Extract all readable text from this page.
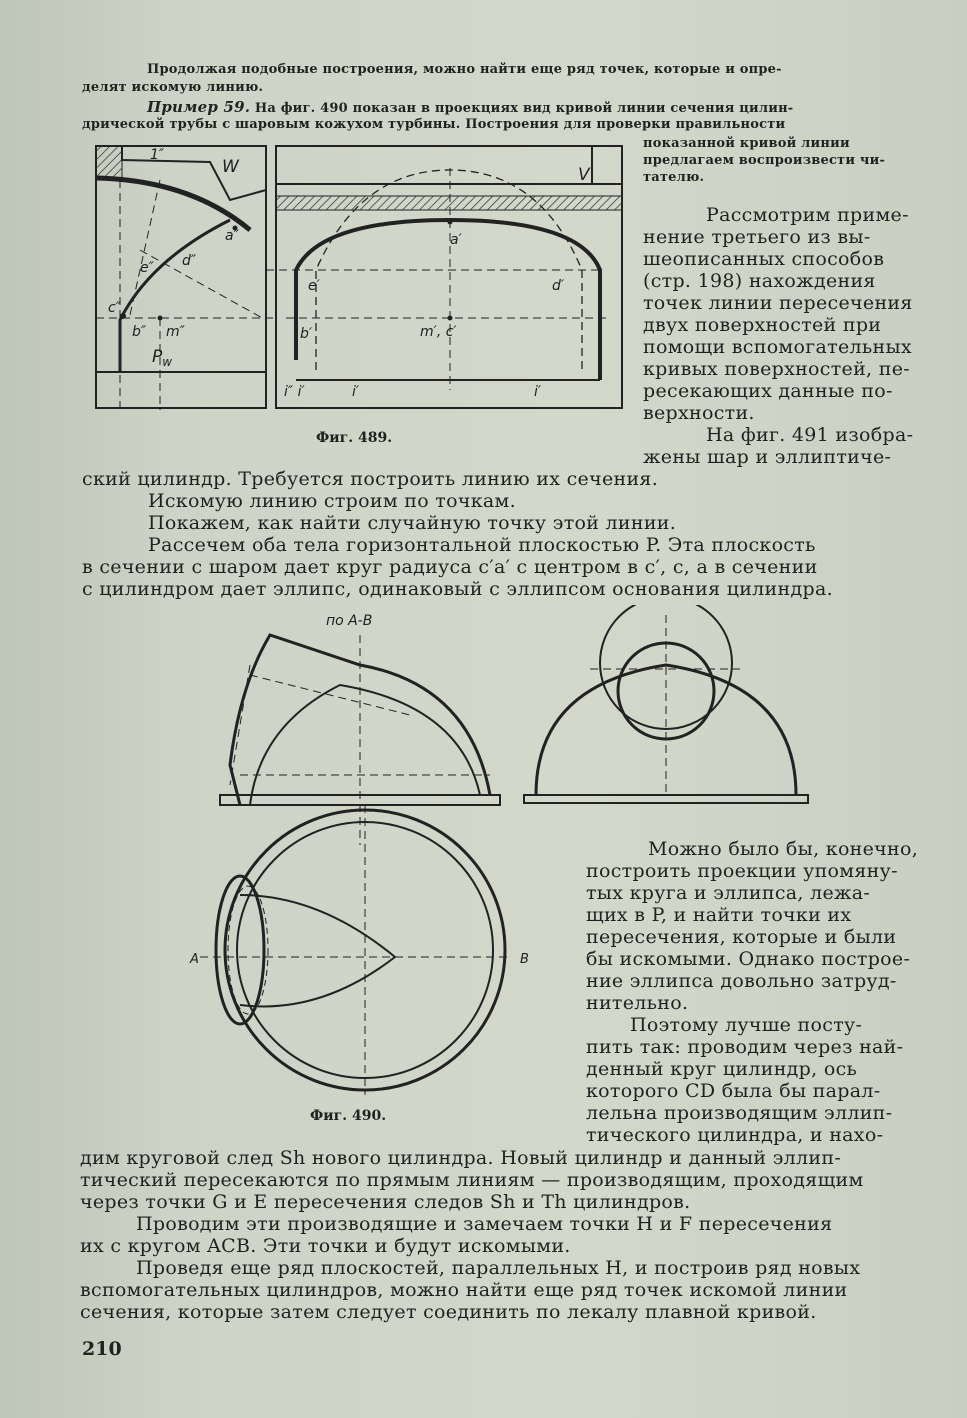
Продолжая подобные построения, можно найти еще ряд точек, которые и опре-
делят искомую линию.
Пример 59. На фиг. 490 показан в проекциях вид кривой линии сечения цилин-
дрической трубы с шаровым кожухом турбины. Построения для проверки правильности
показанной кривой линии
предлагаем воспроизвести чи-
тателю.
Рассмотрим приме-
нение третьего из вы-
шеописанных способов
(стр. 198) нахождения
точек линии пересечения
двух поверхностей при
помощи вспомогательных
кривых поверхностей, пе-
ресекающих данные по-
верхности.
На фиг. 491 изобра-
жены шар и эллиптиче-
1″
W	V
a″	a′
d″
e″
e′	d′
c″
b″ m″
$P_w$
b′	m′, c′
i″ i′	i′	i′
Фиг. 489.
ский цилиндр. Требуется построить линию их сечения.
Искомую линию строим по точкам.
Покажем, как найти случайную точку этой линии.
Рассечем оба тела горизонтальной плоскостью P. Эта плоскость
в сечении с шаром дает круг радиуса c′a′ с центром в c′, c, а в сечении
с цилиндром дает эллипс, одинаковый с эллипсом основания цилиндра.
по A-B
A	B
Фиг. 490.
Можно было бы, конечно,
построить проекции упомяну-
тых круга и эллипса, лежа-
щих в P, и найти точки их
пересечения, которые и были
бы искомыми. Однако построе-
ние эллипса довольно затруд-
нительно.
Поэтому лучше посту-
пить так: проводим через най-
денный круг цилиндр, ось
которого CD была бы парал-
лельна производящим эллип-
тического цилиндра, и нахо-
дим круговой след Sh нового цилиндра. Новый цилиндр и данный эллип-
тический пересекаются по прямым линиям — производящим, проходящим
через точки G и E пересечения следов Sh и Th цилиндров.
Проводим эти производящие и замечаем точки H и F пересечения
их с кругом ACB. Эти точки и будут искомыми.
Проведя еще ряд плоскостей, параллельных H, и построив ряд новых
вспомогательных цилиндров, можно найти еще ряд точек искомой линии
сечения, которые затем следует соединить по лекалу плавной кривой.
210
